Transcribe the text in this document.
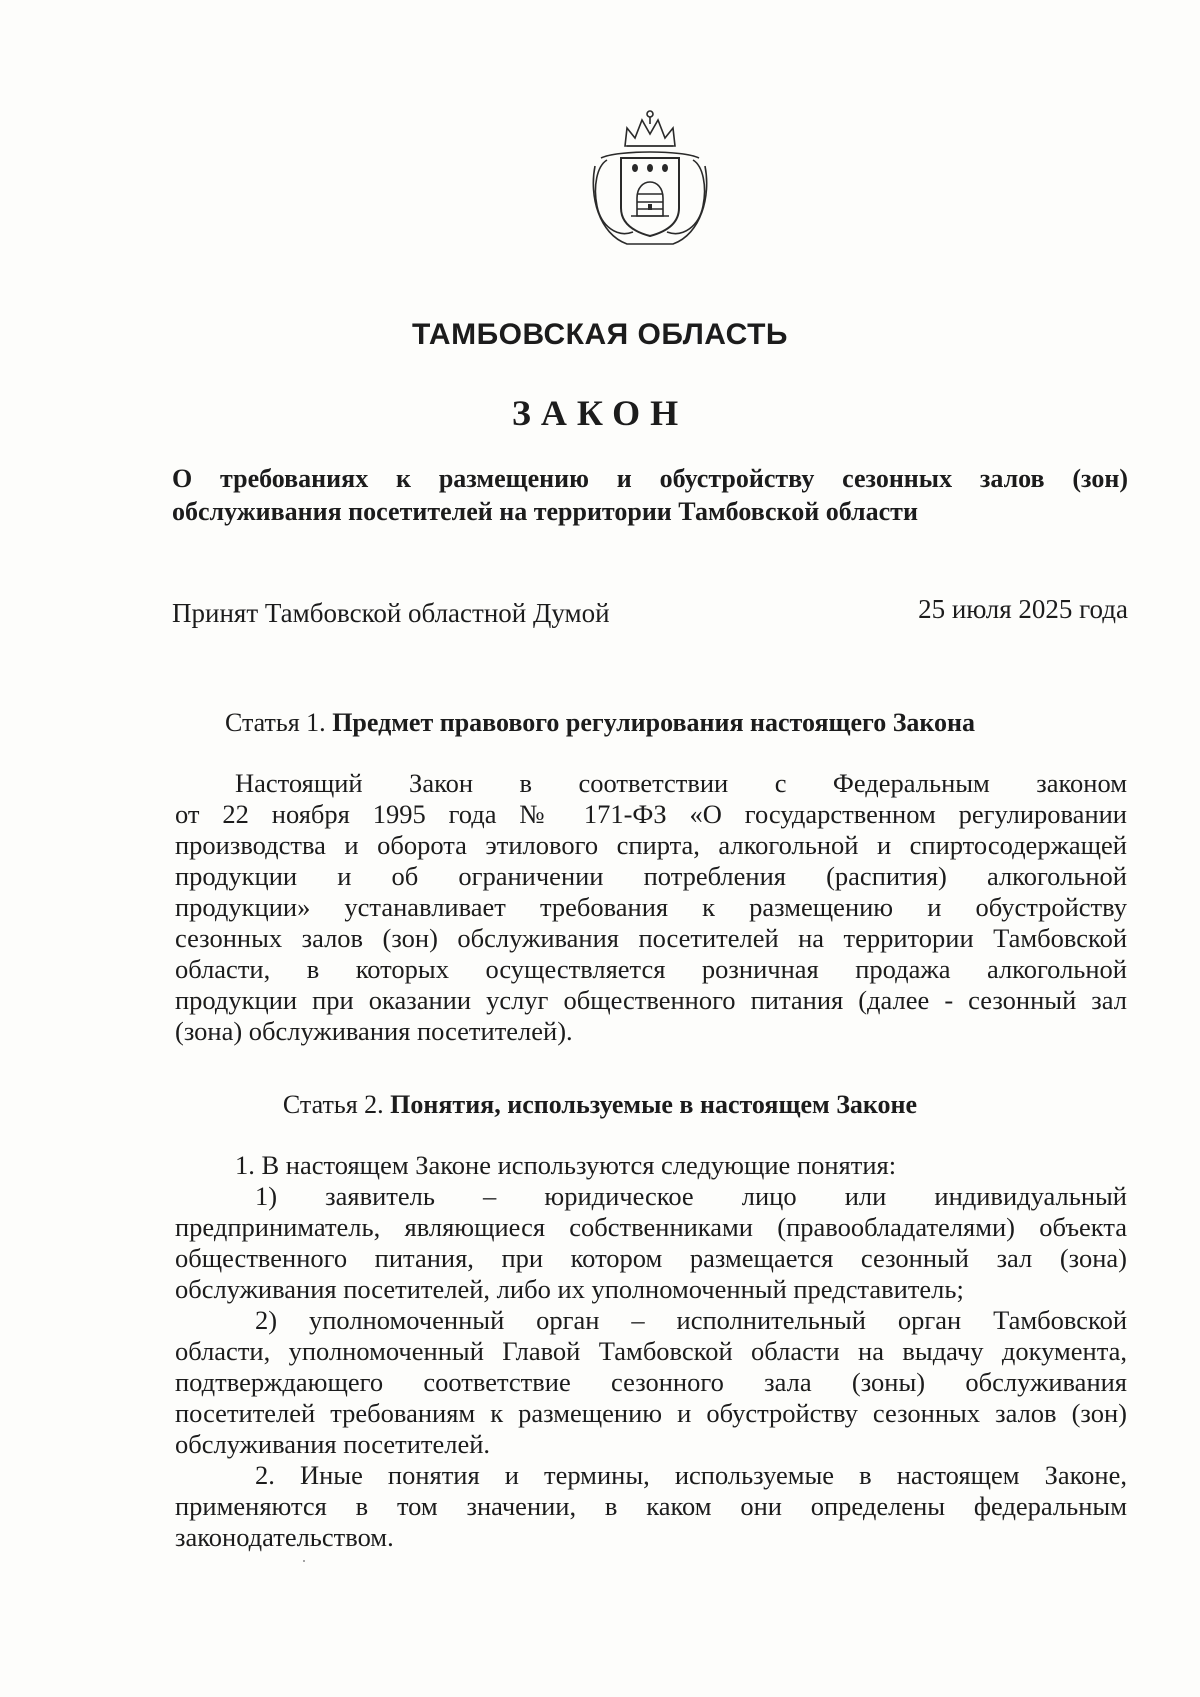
ТАМБОВСКАЯ ОБЛАСТЬ
ЗАКОН
О требованиях к размещению и обустройству сезонных залов (зон)
обслуживания посетителей на территории Тамбовской области
Принят Тамбовской областной Думой	25 июля 2025 года
Статья 1. Предмет правового регулирования настоящего Закона
Настоящий Закон в соответствии с Федеральным законом
от 22 ноября 1995 года № 171-ФЗ «О государственном регулировании
производства и оборота этилового спирта, алкогольной и спиртосодержащей
продукции и об ограничении потребления (распития) алкогольной
продукции» устанавливает требования к размещению и обустройству
сезонных залов (зон) обслуживания посетителей на территории Тамбовской
области, в которых осуществляется розничная продажа алкогольной
продукции при оказании услуг общественного питания (далее - сезонный зал
(зона) обслуживания посетителей).
Статья 2. Понятия, используемые в настоящем Законе
1. В настоящем Законе используются следующие понятия:
1) заявитель – юридическое лицо или индивидуальный
предприниматель, являющиеся собственниками (правообладателями) объекта
общественного питания, при котором размещается сезонный зал (зона)
обслуживания посетителей, либо их уполномоченный представитель;
2) уполномоченный орган – исполнительный орган Тамбовской
области, уполномоченный Главой Тамбовской области на выдачу документа,
подтверждающего соответствие сезонного зала (зоны) обслуживания
посетителей требованиям к размещению и обустройству сезонных залов (зон)
обслуживания посетителей.
2. Иные понятия и термины, используемые в настоящем Законе,
применяются в том значении, в каком они определены федеральным
законодательством.
